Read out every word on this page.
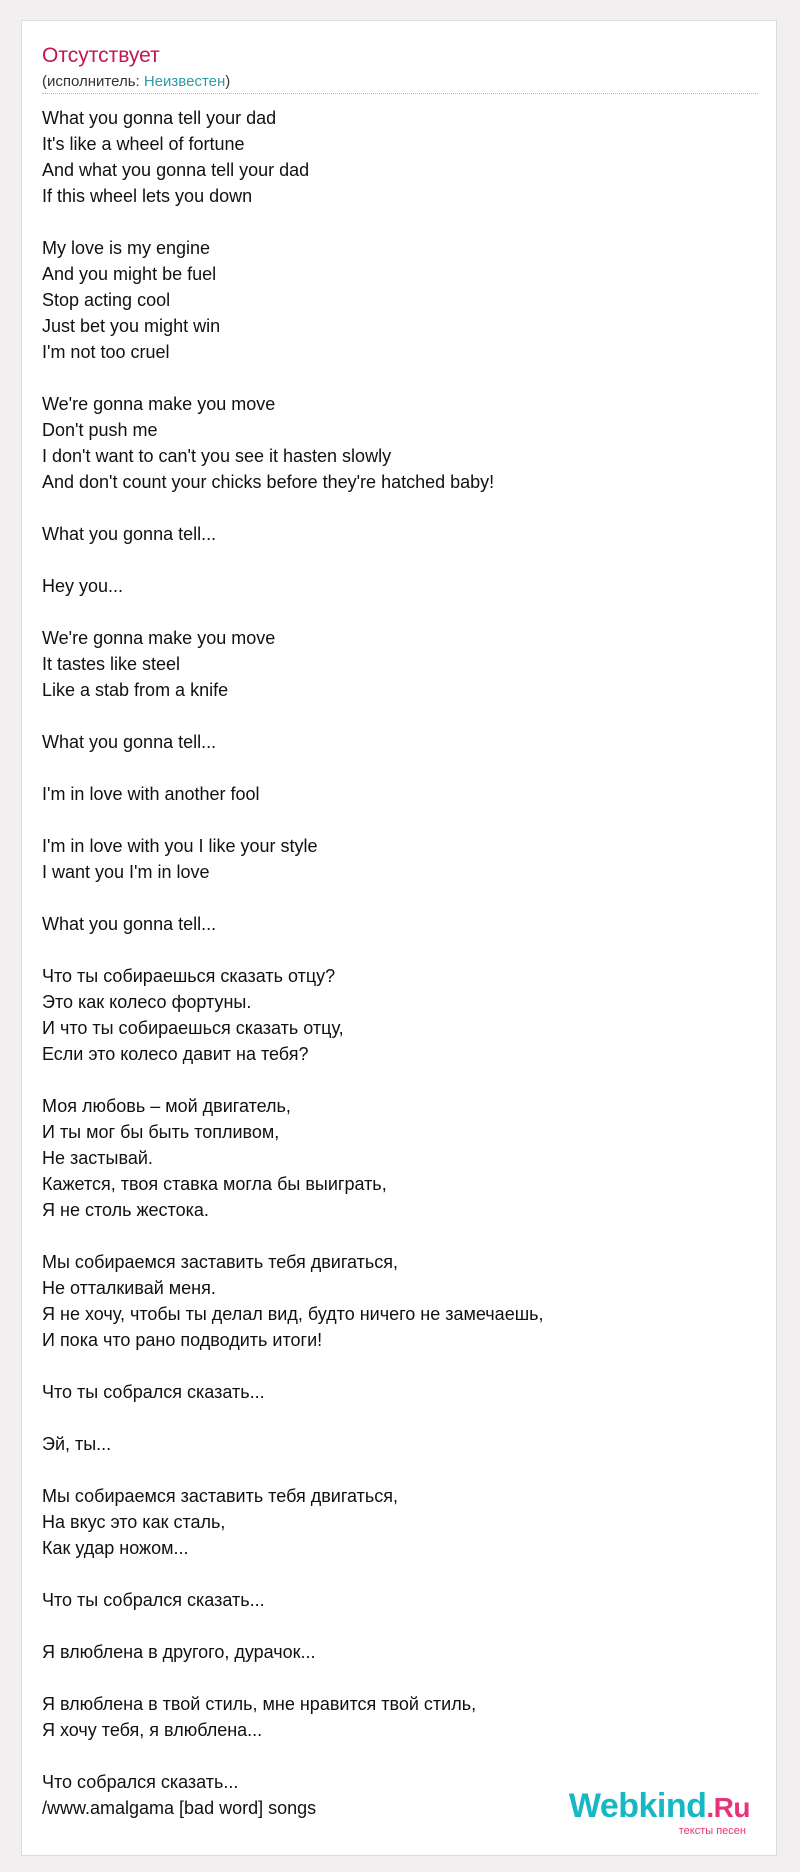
Отсутствует
(исполнитель: Неизвестен)
What you gonna tell your dad
It's like a wheel of fortune
And what you gonna tell your dad
If this wheel lets you down
My love is my engine
And you might be fuel
Stop acting cool
Just bet you might win
I'm not too cruel
We're gonna make you move
Don't push me
I don't want to can't you see it hasten slowly
And don't count your chicks before they're hatched baby!
What you gonna tell...
Hey you...
We're gonna make you move
It tastes like steel
Like a stab from a knife
What you gonna tell...
I'm in love with another fool
I'm in love with you I like your style
I want you I'm in love
What you gonna tell...
Что ты собираешься сказать отцу?
Это как колесо фортуны.
И что ты собираешься сказать отцу,
Если это колесо давит на тебя?
Моя любовь – мой двигатель,
И ты мог бы быть топливом,
Не застывай.
Кажется, твоя ставка могла бы выиграть,
Я не столь жестока.
Мы собираемся заставить тебя двигаться,
Не отталкивай меня.
Я не хочу, чтобы ты делал вид, будто ничего не замечаешь,
И пока что рано подводить итоги!
Что ты собрался сказать...
Эй, ты...
Мы собираемся заставить тебя двигаться,
На вкус это как сталь,
Как удар ножом...
Что ты собрался сказать...
Я влюблена в другого, дурачок...
Я влюблена в твой стиль, мне нравится твой стиль,
Я хочу тебя, я влюблена...
Что собрался сказать...
/www.amalgama [bad word] songs	Webkind.Ru
тексты песен
